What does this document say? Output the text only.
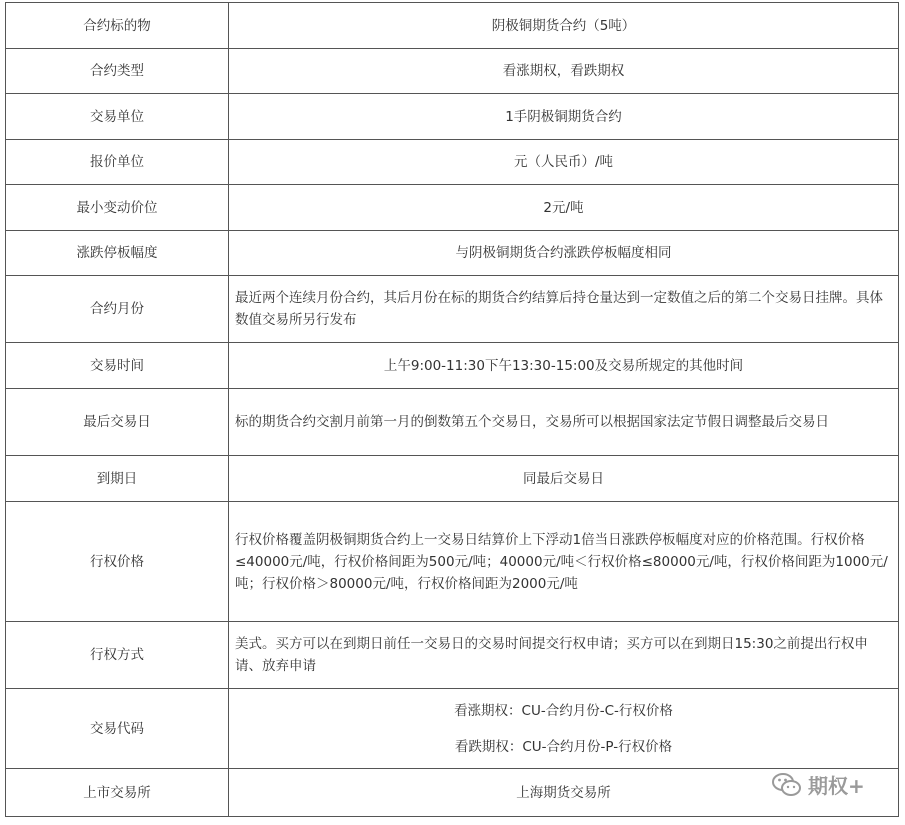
合约标的物	阴极铜期货合约（5吨）
合约类型	看涨期权，看跌期权
交易单位	1手阴极铜期货合约
报价单位	元（人民币）/吨
最小变动价位	2元/吨
涨跌停板幅度	与阴极铜期货合约涨跌停板幅度相同
合约月份	最近两个连续月份合约，其后月份在标的期货合约结算后持仓量达到一定数值之后的第二个交易日挂牌。具体数值交易所另行发布
交易时间	上午9:00-11:30下午13:30-15:00及交易所规定的其他时间
最后交易日	标的期货合约交割月前第一月的倒数第五个交易日，交易所可以根据国家法定节假日调整最后交易日
到期日	同最后交易日
行权价格	行权价格覆盖阴极铜期货合约上一交易日结算价上下浮动1倍当日涨跌停板幅度对应的价格范围。行权价格≤40000元/吨，行权价格间距为500元/吨；40000元/吨＜行权价格≤80000元/吨，行权价格间距为1000元/吨；行权价格＞80000元/吨，行权价格间距为2000元/吨
行权方式	美式。买方可以在到期日前任一交易日的交易时间提交行权申请；买方可以在到期日15:30之前提出行权申请、放弃申请
交易代码	看涨期权：CU-合约月份-C-行权价格
看跌期权：CU-合约月份-P-行权价格

上市交易所	上海期货交易所	期权+
